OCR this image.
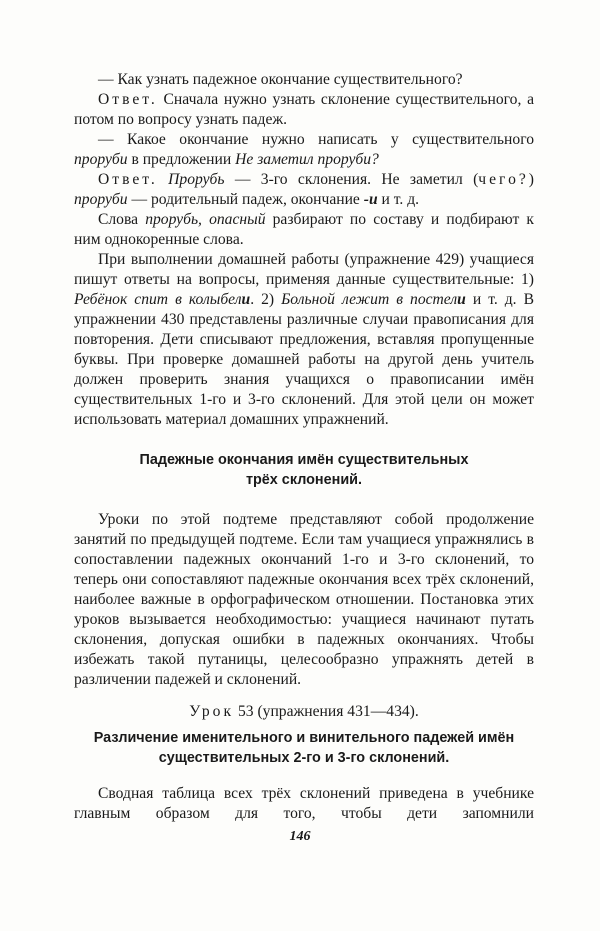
— Как узнать падежное окончание существительного?

Ответ. Сначала нужно узнать склонение существительного, а потом по вопросу узнать падеж.

— Какое окончание нужно написать у существительного проруби в предложении Не заметил проруби?

Ответ. Прорубь — 3-го склонения. Не заметил (чего?) проруби — родительный падеж, окончание -и и т. д.

Слова прорубь, опасный разбирают по составу и подбирают к ним однокоренные слова.

При выполнении домашней работы (упражнение 429) учащиеся пишут ответы на вопросы, применяя данные существительные: 1) Ребёнок спит в колыбели. 2) Больной лежит в постели и т. д. В упражнении 430 представлены различные случаи правописания для повторения. Дети списывают предложения, вставляя пропущенные буквы. При проверке домашней работы на другой день учитель должен проверить знания учащихся о правописании имён существительных 1-го и 3-го склонений. Для этой цели он может использовать материал домашних упражнений.

Падежные окончания имён существительных
трёх склонений.

Уроки по этой подтеме представляют собой продолжение занятий по предыдущей подтеме. Если там учащиеся упражнялись в сопоставлении падежных окончаний 1-го и 3-го склонений, то теперь они сопоставляют падежные окончания всех трёх склонений, наиболее важные в орфографическом отношении. Постановка этих уроков вызывается необходимостью: учащиеся начинают путать склонения, допуская ошибки в падежных окончаниях. Чтобы избежать такой путаницы, целесообразно упражнять детей в различении падежей и склонений.

Урок 53 (упражнения 431—434).

Различение именительного и винительного падежей имён
существительных 2-го и 3-го склонений.

Сводная таблица всех трёх склонений приведена в учебнике главным образом для того, чтобы дети запомнили

146
